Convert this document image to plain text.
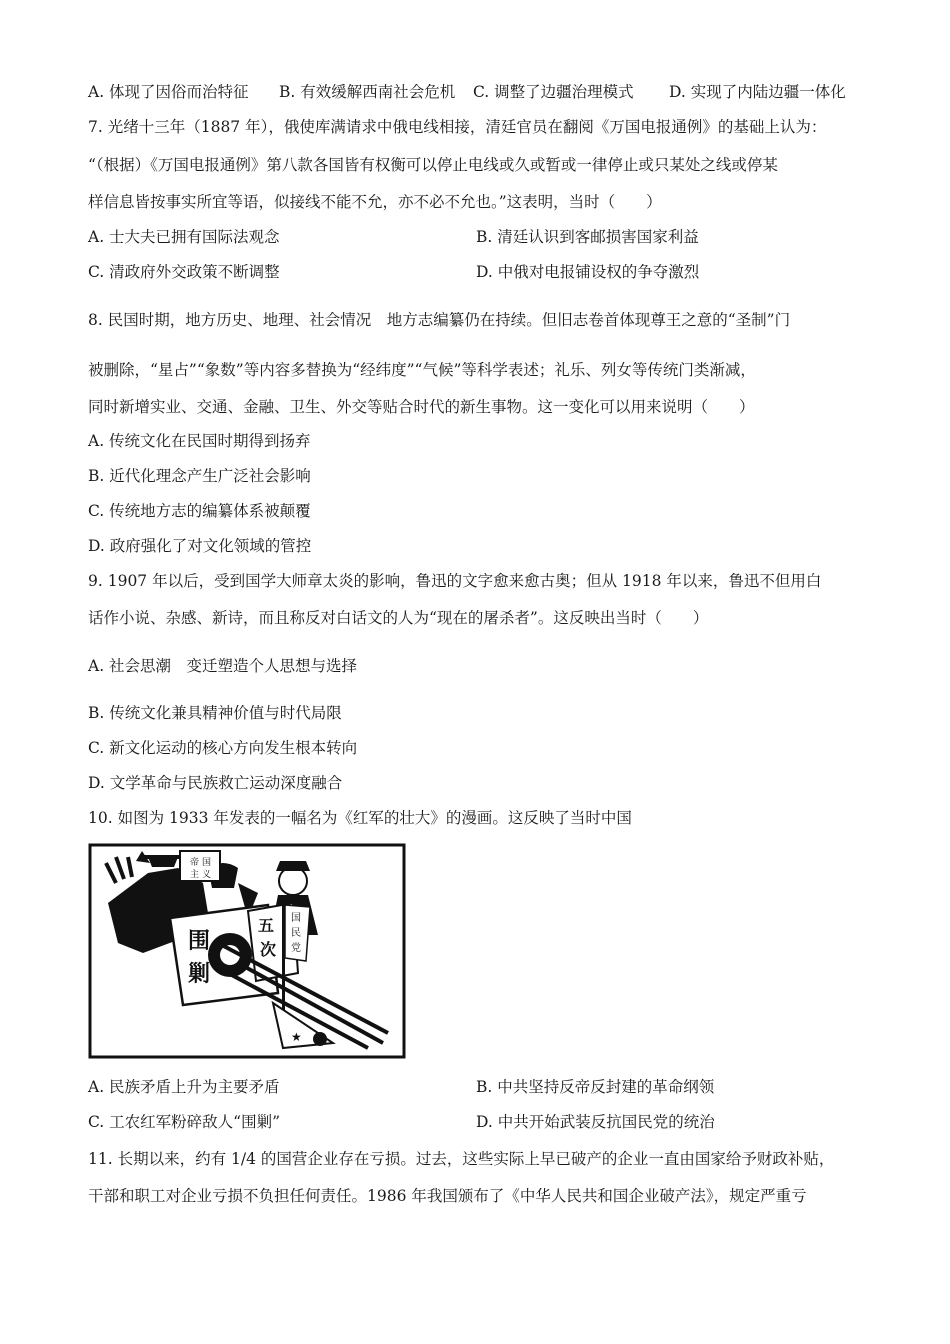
A. 体现了因俗而治特征 B. 有效缓解西南社会危机 C. 调整了边疆治理模式 D. 实现了内陆边疆一体化
7. 光绪十三年（1887 年），俄使库满请求中俄电线相接，清廷官员在翻阅《万国电报通例》的基础上认为：
“（根据）《万国电报通例》第八款各国皆有权衡可以停止电线或久或暂或一律停止或只某处之线或停某
样信息皆按事实所宜等语，似接线不能不允，亦不必不允也。”这表明，当时（　　）
A. 士大夫已拥有国际法观念	B. 清廷认识到客邮损害国家利益
C. 清政府外交政策不断调整	D. 中俄对电报铺设权的争夺激烈
8. 民国时期，地方历史、地理、社会情况　地方志编纂仍在持续。但旧志卷首体现尊王之意的“圣制”门
被删除，“星占”“象数”等内容多替换为“经纬度”“气候”等科学表述；礼乐、列女等传统门类渐减，
同时新增实业、交通、金融、卫生、外交等贴合时代的新生事物。这一变化可以用来说明（　　）
A. 传统文化在民国时期得到扬弃
B. 近代化理念产生广泛社会影响
C. 传统地方志的编纂体系被颠覆
D. 政府强化了对文化领域的管控
9. 1907 年以后，受到国学大师章太炎的影响，鲁迅的文字愈来愈古奥；但从 1918 年以来，鲁迅不但用白
话作小说、杂感、新诗，而且称反对白话文的人为“现在的屠杀者”。这反映出当时（　　）
A. 社会思潮　变迁塑造个人思想与选择
B. 传统文化兼具精神价值与时代局限
C. 新文化运动的核心方向发生根本转向
D. 文学革命与民族救亡运动深度融合
10. 如图为 1933 年发表的一幅名为《红军的壮大》的漫画。这反映了当时中国
帝 国
主 义
围
剿
五
次
国
民
党
★
A. 民族矛盾上升为主要矛盾	B. 中共坚持反帝反封建的革命纲领
C. 工农红军粉碎敌人“围剿”	D. 中共开始武装反抗国民党的统治
11. 长期以来，约有 1/4 的国营企业存在亏损。过去，这些实际上早已破产的企业一直由国家给予财政补贴，
干部和职工对企业亏损不负担任何责任。1986 年我国颁布了《中华人民共和国企业破产法》，规定严重亏
